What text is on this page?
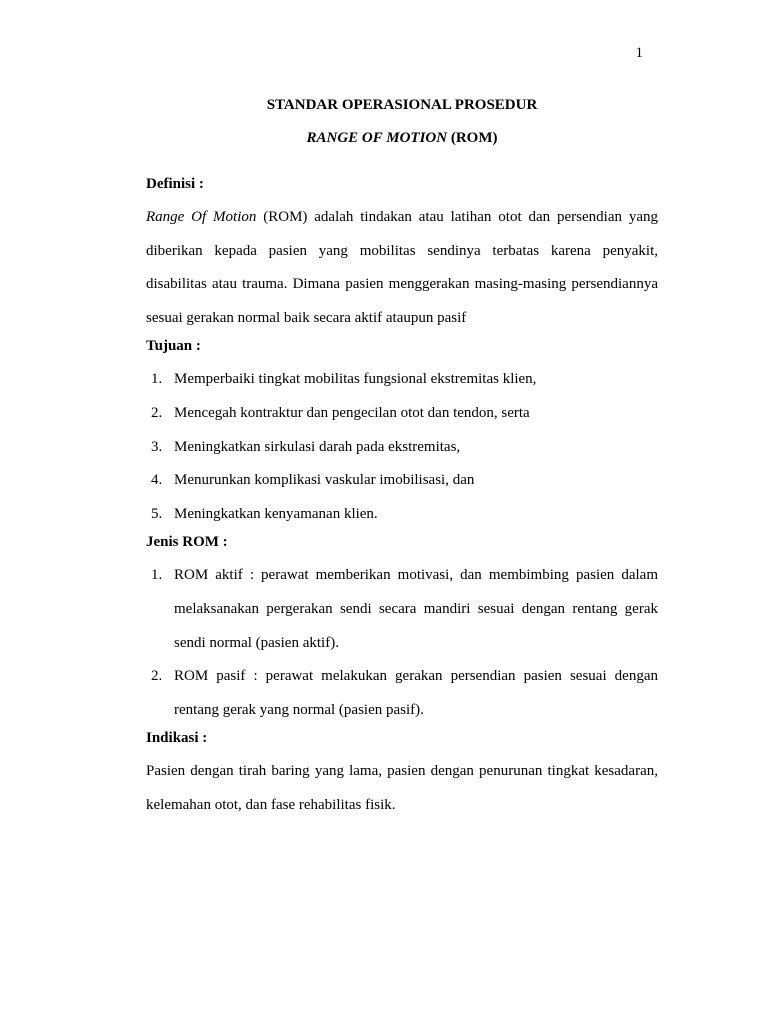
1

STANDAR OPERASIONAL PROSEDUR

RANGE OF MOTION (ROM)

Definisi :

Range Of Motion (ROM) adalah tindakan atau latihan otot dan persendian yang diberikan kepada pasien yang mobilitas sendinya terbatas karena penyakit, disabilitas atau trauma. Dimana pasien menggerakan masing-masing persendiannya sesuai gerakan normal baik secara aktif ataupun pasif

Tujuan :

1. Memperbaiki tingkat mobilitas fungsional ekstremitas klien,
2. Mencegah kontraktur dan pengecilan otot dan tendon, serta
3. Meningkatkan sirkulasi darah pada ekstremitas,
4. Menurunkan komplikasi vaskular imobilisasi, dan
5. Meningkatkan kenyamanan klien.

Jenis ROM :

1. ROM aktif : perawat memberikan motivasi, dan membimbing pasien dalam melaksanakan pergerakan sendi secara mandiri sesuai dengan rentang gerak sendi normal (pasien aktif).
2. ROM pasif : perawat melakukan gerakan persendian pasien sesuai dengan rentang gerak yang normal (pasien pasif).

Indikasi :

Pasien dengan tirah baring yang lama, pasien dengan penurunan tingkat kesadaran, kelemahan otot, dan fase rehabilitas fisik.
